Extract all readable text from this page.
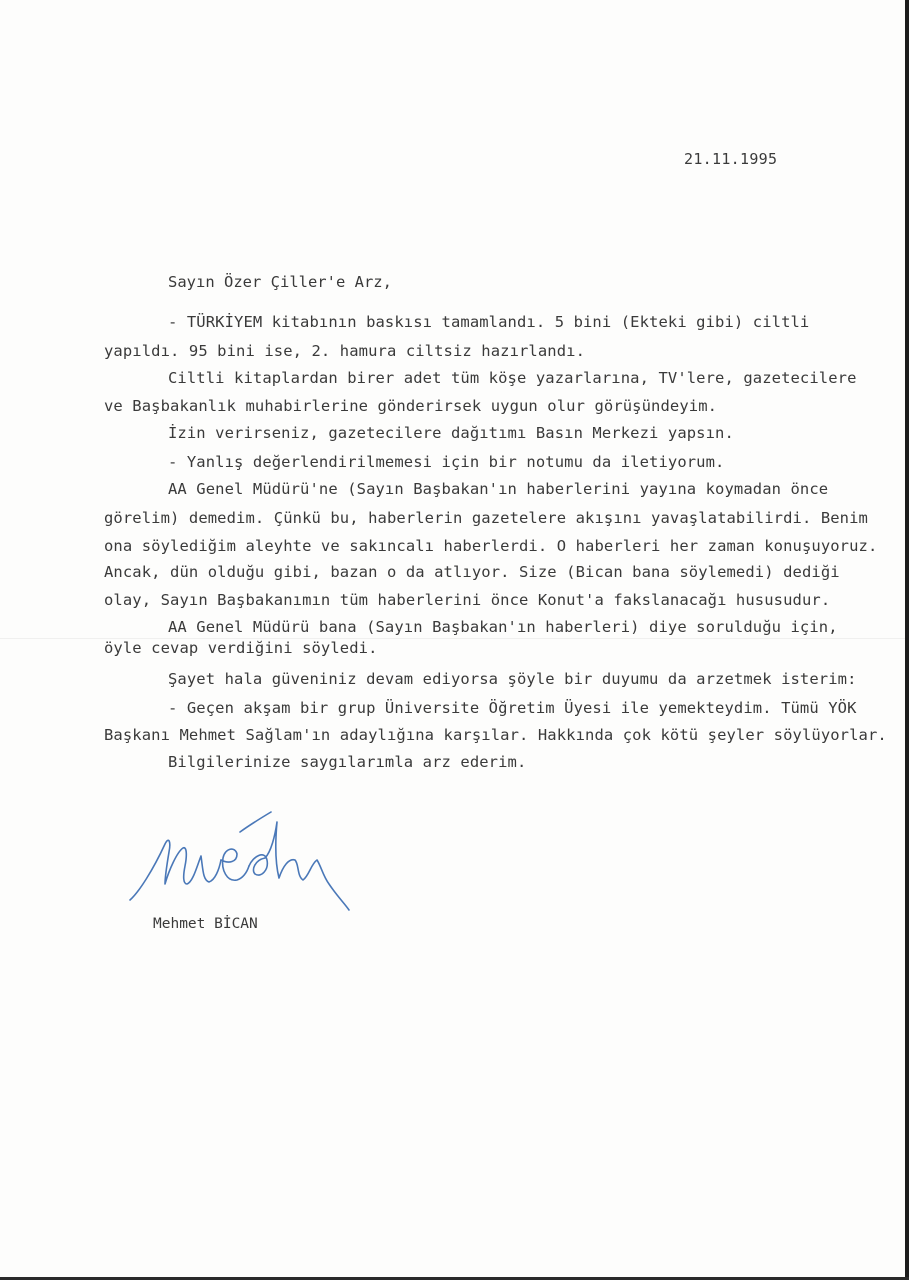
21.11.1995
Sayın Özer Çiller'e Arz,
- TÜRKİYEM kitabının baskısı tamamlandı. 5 bini (Ekteki gibi) ciltli
yapıldı. 95 bini ise, 2. hamura ciltsiz hazırlandı.
Ciltli kitaplardan birer adet tüm köşe yazarlarına, TV'lere, gazetecilere
ve Başbakanlık muhabirlerine gönderirsek uygun olur görüşündeyim.
İzin verirseniz, gazetecilere dağıtımı Basın Merkezi yapsın.
- Yanlış değerlendirilmemesi için bir notumu da iletiyorum.
AA Genel Müdürü'ne (Sayın Başbakan'ın haberlerini yayına koymadan önce
görelim) demedim. Çünkü bu, haberlerin gazetelere akışını yavaşlatabilirdi. Benim
ona söylediğim aleyhte ve sakıncalı haberlerdi. O haberleri her zaman konuşuyoruz.
Ancak, dün olduğu gibi, bazan o da atlıyor. Size (Bican bana söylemedi) dediği
olay, Sayın Başbakanımın tüm haberlerini önce Konut'a fakslanacağı hususudur.
AA Genel Müdürü bana (Sayın Başbakan'ın haberleri) diye sorulduğu için,
öyle cevap verdiğini söyledi.
Şayet hala güveniniz devam ediyorsa şöyle bir duyumu da arzetmek isterim:
- Geçen akşam bir grup Üniversite Öğretim Üyesi ile yemekteydim. Tümü YÖK
Başkanı Mehmet Sağlam'ın adaylığına karşılar. Hakkında çok kötü şeyler söylüyorlar.
Bilgilerinize saygılarımla arz ederim.
Mehmet BİCAN
